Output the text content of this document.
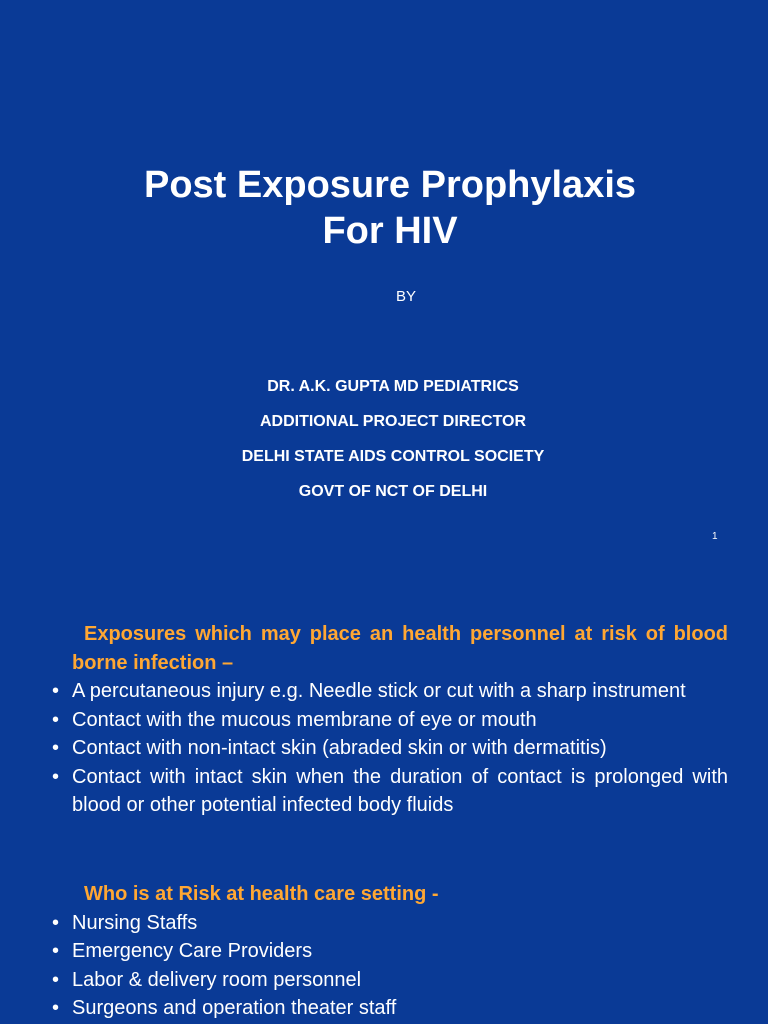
Post Exposure Prophylaxis
For HIV
BY
DR. A.K. GUPTA MD PEDIATRICS
ADDITIONAL PROJECT DIRECTOR
DELHI STATE AIDS CONTROL SOCIETY
GOVT OF NCT OF DELHI
1
Exposures which may place an health personnel at risk of blood borne infection –
• A percutaneous injury e.g. Needle stick or cut with a sharp instrument
• Contact with the mucous membrane of eye or mouth
• Contact with non-intact skin (abraded skin or with dermatitis)
• Contact with intact skin when the duration of contact is prolonged with blood or other potential infected body fluids
Who is at Risk at health care setting -
• Nursing Staffs
• Emergency Care Providers
• Labor & delivery room personnel
• Surgeons and operation theater staff
